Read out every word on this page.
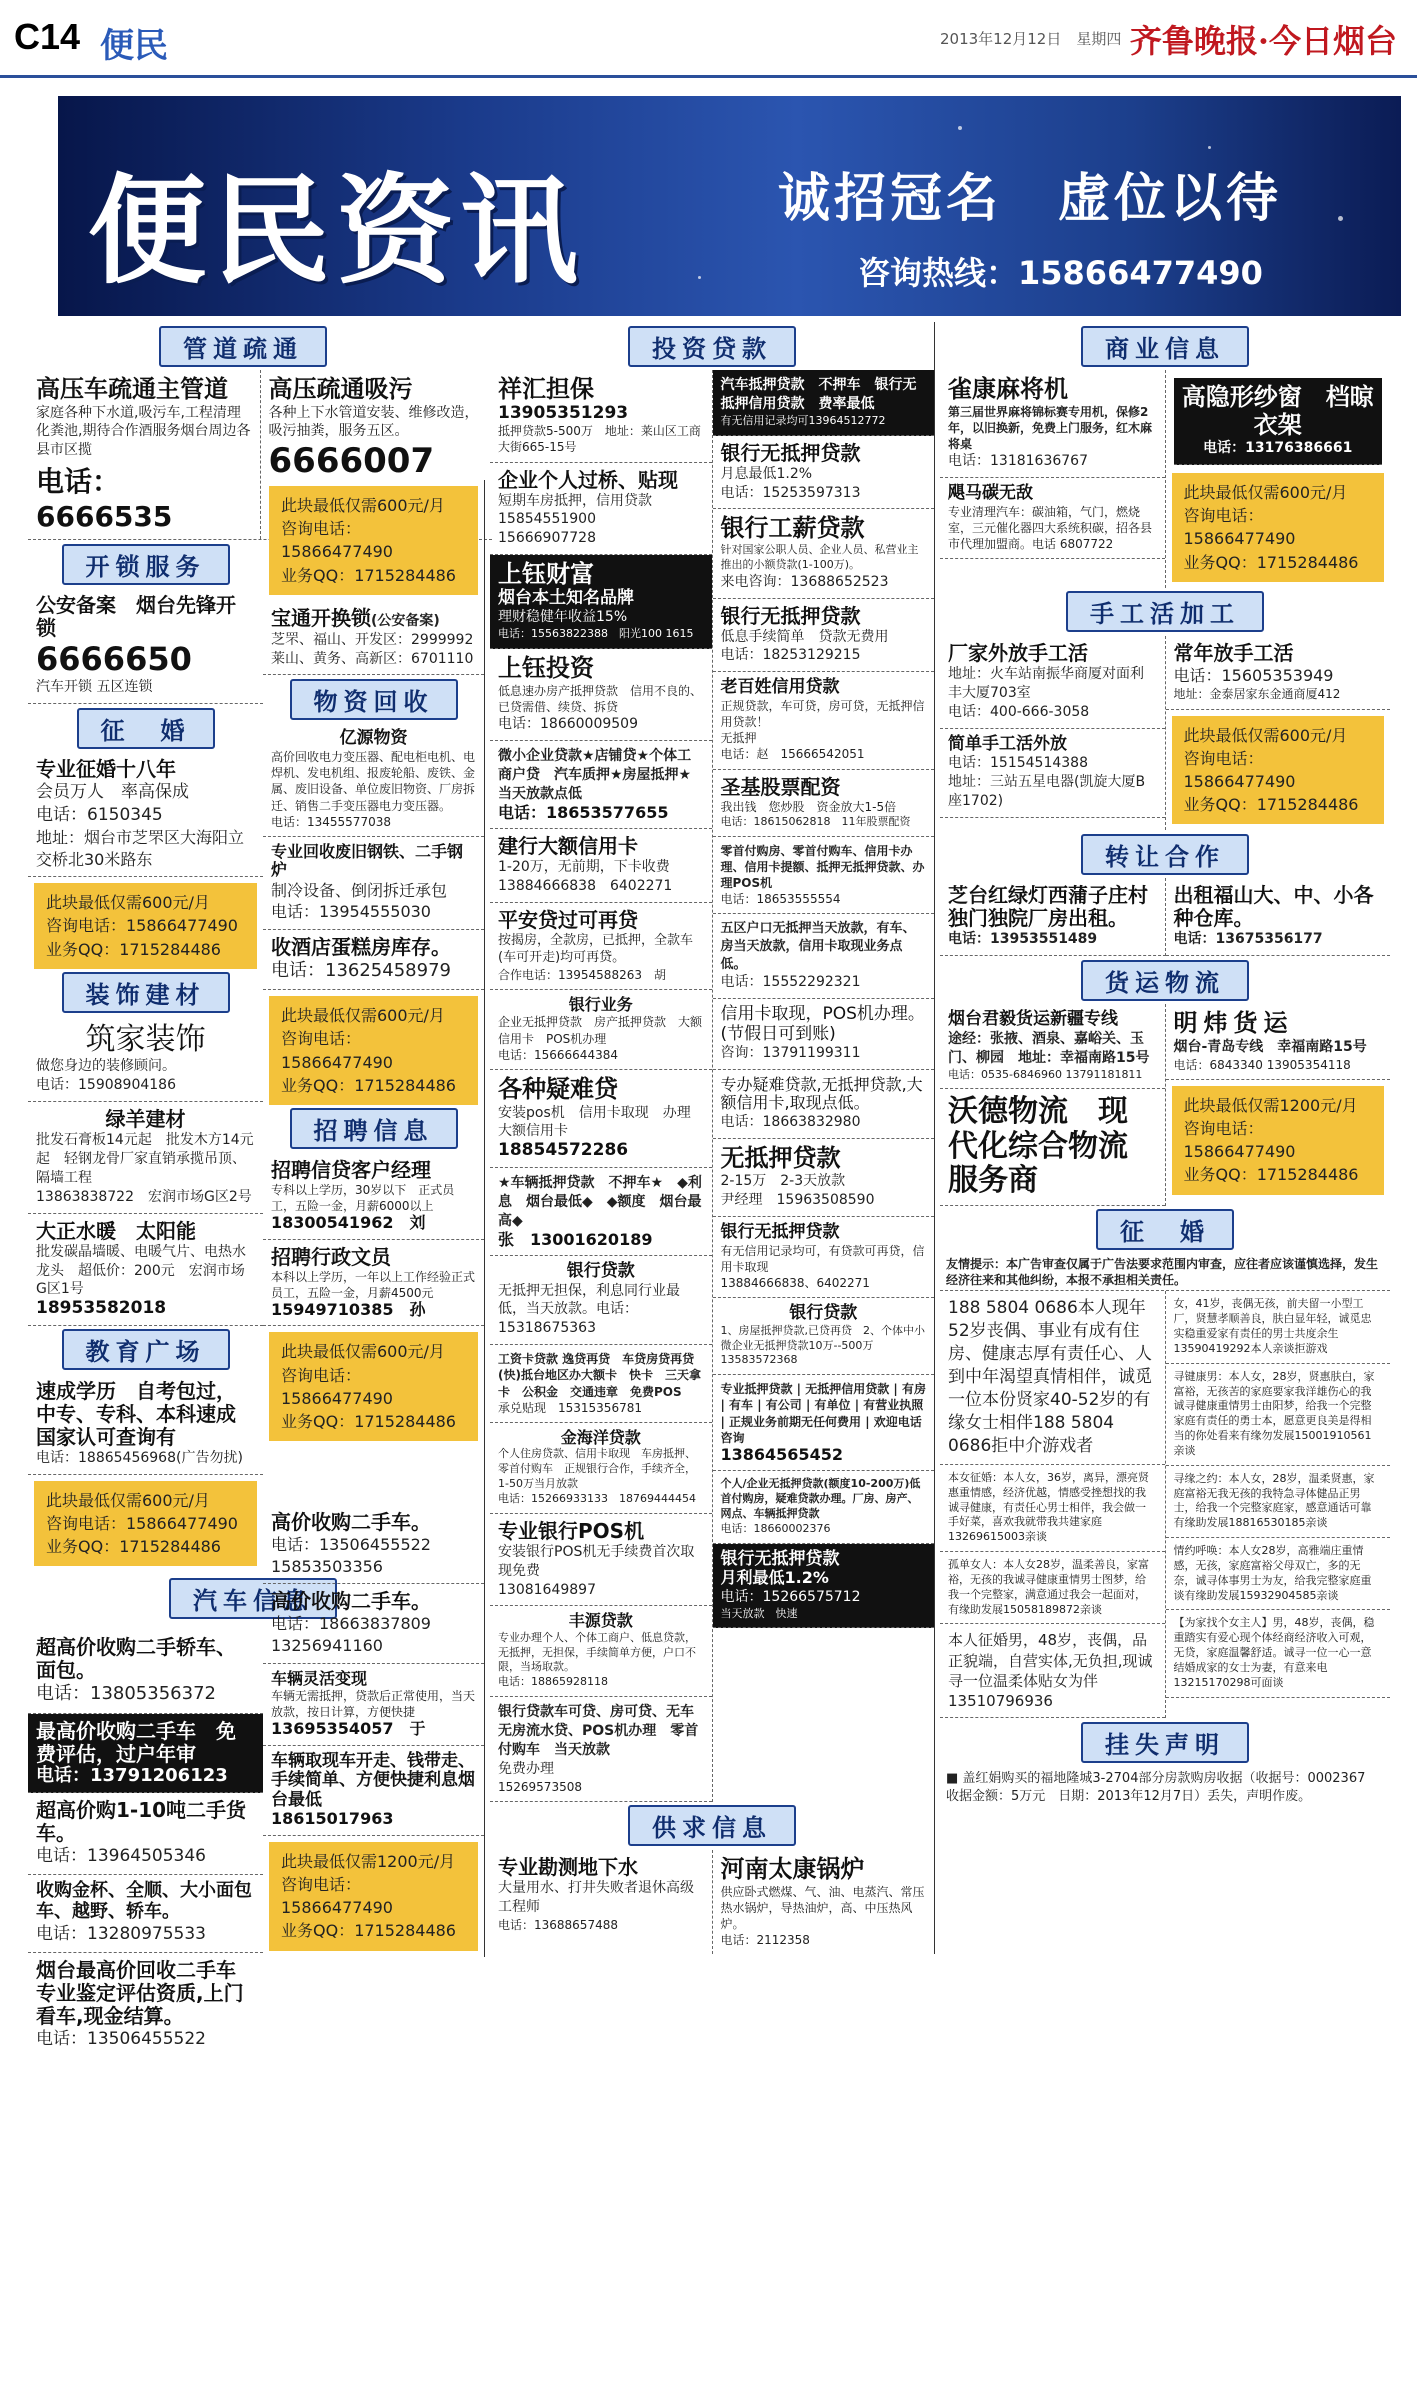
C14 便民	2013年12月12日　星期四 齐鲁晚报·今日烟台
便民资讯	诚招冠名　虚位以待
咨询热线：15866477490
管道疏通
高压车疏通主管道
家庭各种下水道,吸污车,工程清理化粪池,期待合作酒服务烟台周边各县市区揽
电话：6666535
高压疏通吸污
各种上下水管道安装、维修改造，吸污抽粪，服务五区。
6666007
开锁服务
公安备案　 烟台先锋开锁
6666650
汽车开锁 五区连锁
征　婚
专业征婚十八年
会员万人　率高保成
电话：6150345
地址：烟台市芝罘区大海阳立交桥北30米路东
此块最低仅需600元/月
咨询电话：15866477490
业务QQ：1715284486
装饰建材
筑家装饰
做您身边的装修顾问。
电话：15908904186
绿羊建材
批发石膏板14元起　批发木方14元起　轻钢龙骨厂家直销承揽吊顶、隔墙工程
13863838722　宏润市场G区2号
大正水暖　太阳能
批发碳晶墙暖、电暖气片、电热水龙头　超低价：200元　宏润市场G区1号
18953582018
教育广场
速成学历　自考包过，中专、专科、本科速成国家认可查询有
电话：18865456968(广告勿扰)
此块最低仅需600元/月
咨询电话：15866477490
业务QQ：1715284486
汽车信息
超高价收购二手轿车、面包。
电话：13805356372
最高价收购二手车　免费评估，过户年审
电话：13791206123
超高价购1-10吨二手货车。
电话：13964505346
收购金杯、全顺、大小面包车、越野、轿车。
电话：13280975533
烟台最高价回收二手车专业鉴定评估资质,上门看车,现金结算。
电话：13506455522
此块最低仅需600元/月
咨询电话：15866477490
业务QQ：1715284486
宝通开换锁(公安备案)
芝罘、福山、开发区：2999992　莱山、黄务、高新区：6701110
物资回收
亿源物资
高价回收电力变压器、配电柜电机、电焊机、发电机组、报废轮船、废铁、金属、废旧设备、单位废旧物资、厂房拆迁、销售二手变压器电力变压器。
电话：13455577038
专业回收废旧钢铁、二手钢炉
制冷设备、倒闭拆迁承包
电话：13954555030
收酒店蛋糕房库存。
电话：13625458979
此块最低仅需600元/月
咨询电话：15866477490
业务QQ：1715284486
招聘信息
招聘信贷客户经理
专科以上学历，30岁以下　正式员工，五险一金，月薪6000以上
18300541962　刘
招聘行政文员
本科以上学历，一年以上工作经验正式员工，五险一金，月薪4500元
15949710385　孙
此块最低仅需600元/月
咨询电话：15866477490
业务QQ：1715284486
高价收购二手车。
电话：13506455522　15853503356
高价收购二手车。
电话：18663837809　13256941160
车辆灵活变现
车辆无需抵押，贷款后正常使用，当天放款，按日计算，方便快捷
13695354057　于
车辆取现车开走、钱带走、手续简单、方便快捷利息烟台最低
18615017963
此块最低仅需1200元/月
咨询电话：15866477490
业务QQ：1715284486
投资贷款
祥汇担保
13905351293
抵押贷款5-500万　地址：莱山区工商大街665-15号
企业个人过桥、贴现
短期车房抵押，信用贷款
15854551900　15666907728
上钰财富
烟台本土知名品牌
理财稳健年收益15%
电话：15563822388　阳光100 1615
上钰投资
低息速办房产抵押贷款　信用不良的、已贷需借、续贷、拆贷
电话：18660009509
微小企业贷款★店铺贷★个体工商户贷　汽车质押★房屋抵押★当天放款点低
电话：18653577655
建行大额信用卡
1-20万，无前期，下卡收费
13884666838　6402271
平安贷过可再贷
按揭房，全款房，已抵押，全款车(车可开走)均可再贷。
合作电话：13954588263　胡
银行业务
企业无抵押贷款　房产抵押贷款　大额信用卡　POS机办理
电话：15666644384
各种疑难贷
安装pos机　信用卡取现　办理大额信用卡
18854572286
★车辆抵押贷款　不押车★　◆利息　烟台最低◆　◆额度　烟台最高◆
张　13001620189
银行贷款
无抵押无担保，利息同行业最低，当天放款。电话：15318675363
工资卡贷款 逸贷再贷　车贷房贷再贷(快)抵台地区办大额卡　快卡　三天拿卡　公积金　交通违章　免费POS
承兑贴现　15315356781
金海洋贷款
个人住房贷款、信用卡取现　车房抵押、零首付购车　正规银行合作，手续齐全，1-50万当月放款
电话：15266933133　18769444454
专业银行POS机
安装银行POS机无手续费首次取现免费
13081649897
丰源贷款
专业办理个人、个体工商户、低息贷款，无抵押，无担保，手续简单方便，户口不限，当场取款。
电话：18865928118
银行贷款车可贷、房可贷、无车无房流水贷、POS机办理　零首付购车　当天放款
免费办理
15269573508
汽车抵押贷款　不押车　银行无抵押信用贷款　费率最低
有无信用记录均可13964512772
银行无抵押贷款
月息最低1.2%
电话：15253597313
银行工薪贷款
针对国家公职人员、企业人员、私营业主推出的小额贷款(1-100万)。
来电咨询：13688652523
银行无抵押贷款
低息手续简单　贷款无费用
电话：18253129215
老百姓信用贷款
正规贷款，车可贷，房可贷，无抵押信用贷款！
无抵押
电话：赵　15666542051
圣基股票配资
我出钱　您炒股　资金放大1-5倍
电话：18615062818　11年股票配资
零首付购房、零首付购车、信用卡办理、信用卡提额、抵押无抵押贷款、办理POS机
电话：18653555554
五区户口无抵押当天放款，有车、房当天放款，信用卡取现业务点低。
电话：15552292321
信用卡取现，POS机办理。(节假日可到账)
咨询：13791199311
专办疑难贷款,无抵押贷款,大额信用卡,取现点低。
电话：18663832980
无抵押贷款
2-15万　2-3天放款
尹经理　15963508590
银行无抵押贷款
有无信用记录均可，有贷款可再贷，信用卡取现
13884666838、6402271
银行贷款
1、房屋抵押贷款,已贷再贷　2、个体中小微企业无抵押贷款10万--500万
13583572368
专业抵押贷款 | 无抵押信用贷款 | 有房 | 有车 | 有公司 | 有单位 | 有营业执照 | 正规业务前期无任何费用 | 欢迎电话咨询
13864565452
个人/企业无抵押贷款(额度10-200万)低首付购房，疑难贷款办理。厂房、房产、网点、车辆抵押贷款
电话：18660002376
银行无抵押贷款
月利最低1.2%
电话：15266575712
当天放款　快速
供求信息
专业勘测地下水
大量用水、打井失败者退休高级工程师
电话：13688657488
河南太康锅炉
供应卧式燃煤、气、油、电蒸汽、常压热水锅炉，导热油炉，高、中压热风炉。
电话：2112358
商业信息
雀康麻将机
第三届世界麻将锦标赛专用机，保修2年，以旧换新，免费上门服务，红木麻将桌
电话：13181636767
飓马碳无敌
专业清理汽车：碳油箱，气门，燃烧室，三元催化器四大系统积碳，招各县市代理加盟商。电话 6807722
高隐形纱窗　档晾衣架
电话：13176386661
此块最低仅需600元/月
咨询电话：15866477490
业务QQ：1715284486
手工活加工
厂家外放手工活
地址：火车站南振华商厦对面利丰大厦703室
电话：400-666-3058
简单手工活外放
电话：15154514388
地址：三站五星电器(凯旋大厦B座1702)
常年放手工活
电话：15605353949
地址：金泰居家东金通商厦412
此块最低仅需600元/月
咨询电话：15866477490
业务QQ：1715284486
转让合作
芝台红绿灯西蒲子庄村独门独院厂房出租。
电话：13953551489
出租福山大、中、小各种仓库。
电话：13675356177
货运物流
烟台君毅货运新疆专线
途经：张掖、酒泉、嘉峪关、玉门、柳园　地址：幸福南路15号
电话：0535-6846960 13791181811
沃德物流　现代化综合物流服务商
明炜货运
烟台-青岛专线　幸福南路15号
电话：6843340 13905354118
此块最低仅需1200元/月
咨询电话：15866477490
业务QQ：1715284486
征　婚
友情提示：本广告审查仅属于广告法要求范围内审查，应往者应该谨慎选择，发生经济往来和其他纠纷，本报不承担相关责任。
188 5804 0686本人现年52岁丧偶、事业有成有住房、健康志厚有责任心、人到中年渴望真情相伴，诚觅一位本份贤家40-52岁的有缘女士相伴188 5804 0686拒中介游戏者
本女征婚：本人女，36岁，离异，漂亮贤惠重情感，经济优越，情感受挫想找的我诚寻健康，有责任心男士相伴，我会做一手好菜，喜欢我就带我共建家庭13269615003亲谈
孤单女人：本人女28岁，温柔善良，家富裕，无孩的我诚寻健康重情男士图梦，给我一个完整家，满意通过我会一起面对，有缘助发展15058189872亲谈
本人征婚男，48岁，丧偶，品正貌端，自营实体,无负担,现诚寻一位温柔体贴女为伴13510796936
女，41岁，丧偶无孩，前夫留一小型工厂，贤慧孝顺善良，肤白显年轻，诚觅忠实稳重爱家有责任的男士共度余生13590419292本人亲谈拒游戏
寻键康男：本人女，28岁，贤惠肤白，家富裕，无孩苦的家庭要家我洋雄伤心的我诚寻健康重情男士由阳梦，给我一个完整家庭有责任的勇士本，愿意更良美是得相当的你处看来有缘勿发展15001910561亲谈
寻缘之约：本人女，28岁，温柔贤惠，家庭富裕无我无孩的我特急寻体健品正男士，给我一个完整家庭家，感意通话可靠有缘助发展18816530185亲谈
情约呼唤：本人女28岁，高雅端庄重情感，无孩，家庭富裕父母双亡，多的无奈，诚寻体事男士为友，给我完整家庭重谈有缘助发展15932904585亲谈
【为家找个女主人】男，48岁，丧偶，稳重踏实有爱心现个体经商经济收入可观，无贷，家庭温馨舒适。诚寻一位一心一意结婚成家的女士为妻，有意来电13215170298可面谈
挂失声明
■ 盖红娟购买的福地隆城3-2704部分房款购房收据（收据号：0002367　收据金额：5万元　日期：2013年12月7日）丢失，声明作废。
